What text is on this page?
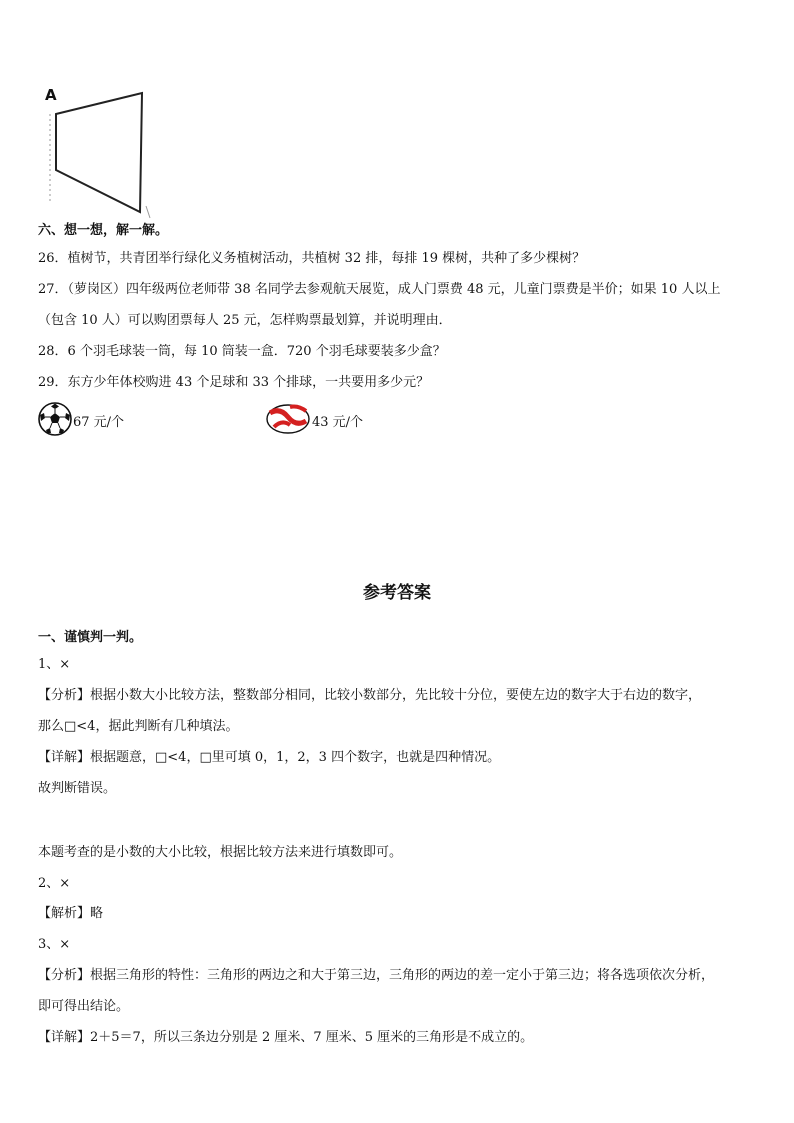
A
六、想一想，解一解。
26．植树节，共青团举行绿化义务植树活动，共植树 32 排，每排 19 棵树，共种了多少棵树？
27．（萝岗区）四年级两位老师带 38 名同学去参观航天展览，成人门票费 48 元，儿童门票费是半价；如果 10 人以上
（包含 10 人）可以购团票每人 25 元，怎样购票最划算，并说明理由．
28．6 个羽毛球装一筒，每 10 筒装一盒．720 个羽毛球要装多少盒？
29．东方少年体校购进 43 个足球和 33 个排球，一共要用多少元？
67 元/个	43 元/个
参考答案
一、谨慎判一判。
1、×
【分析】根据小数大小比较方法，整数部分相同，比较小数部分，先比较十分位，要使左边的数字大于右边的数字，
那么□<4，据此判断有几种填法。
【详解】根据题意，□<4，□里可填 0，1，2，3 四个数字，也就是四种情况。
故判断错误。
本题考查的是小数的大小比较，根据比较方法来进行填数即可。
2、×
【解析】略
3、×
【分析】根据三角形的特性：三角形的两边之和大于第三边，三角形的两边的差一定小于第三边；将各选项依次分析，
即可得出结论。
【详解】2＋5＝7，所以三条边分别是 2 厘米、7 厘米、5 厘米的三角形是不成立的。
